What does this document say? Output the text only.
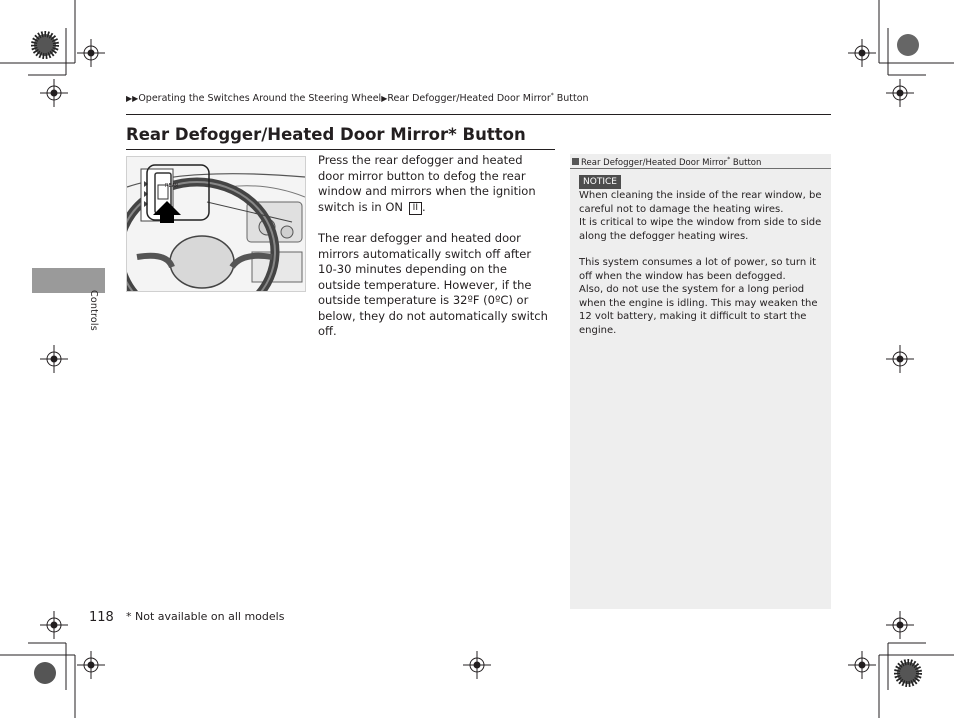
▶▶Operating the Switches Around the Steering Wheel▶Rear Defogger/Heated Door Mirror* Button
Rear Defogger/Heated Door Mirror* Button
Controls
REAR

Press the rear defogger and heated door mirror button to defog the rear window and mirrors when the ignition switch is in ON II .

The rear defogger and heated door mirrors automatically switch off after 10-30 minutes depending on the outside temperature. However, if the outside temperature is 32ºF (0ºC) or below, they do not automatically switch off.

Rear Defogger/Heated Door Mirror* Button
NOTICE
When cleaning the inside of the rear window, be careful not to damage the heating wires.

It is critical to wipe the window from side to side along the defogger heating wires.

This system consumes a lot of power, so turn it off when the window has been defogged.
Also, do not use the system for a long period when the engine is idling. This may weaken the 12 volt battery, making it difficult to start the engine.
118 * Not available on all models
